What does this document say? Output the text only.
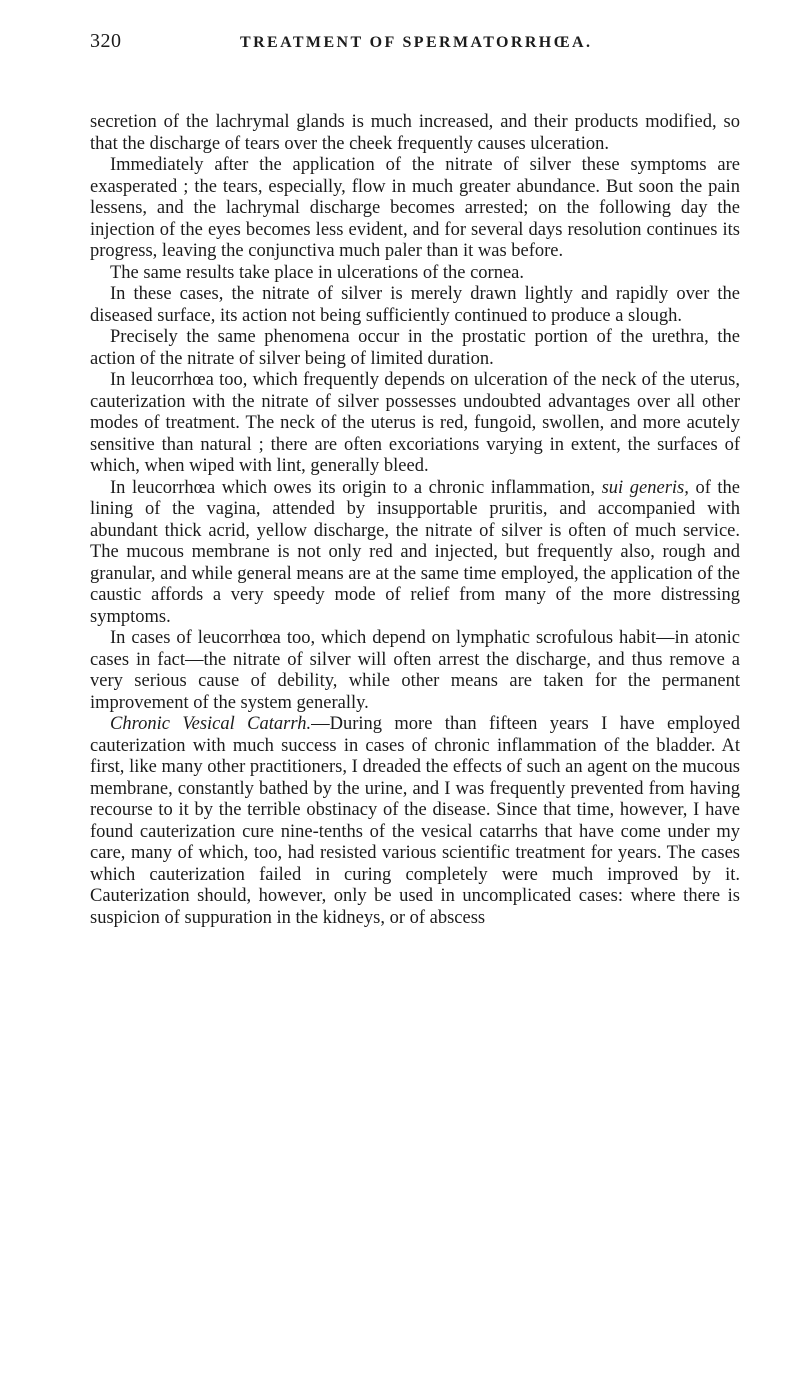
320	TREATMENT OF SPERMATORRHŒA.

secretion of the lachrymal glands is much increased, and their products modified, so that the discharge of tears over the cheek frequently causes ulceration.

Immediately after the application of the nitrate of silver these symptoms are exasperated ; the tears, especially, flow in much greater abundance. But soon the pain lessens, and the lachrymal discharge becomes arrested; on the following day the injection of the eyes becomes less evident, and for several days resolution continues its progress, leaving the conjunctiva much paler than it was before.

The same results take place in ulcerations of the cornea.

In these cases, the nitrate of silver is merely drawn lightly and rapidly over the diseased surface, its action not being sufficiently continued to produce a slough.

Precisely the same phenomena occur in the prostatic portion of the urethra, the action of the nitrate of silver being of limited duration.

In leucorrhœa too, which frequently depends on ulceration of the neck of the uterus, cauterization with the nitrate of silver possesses undoubted advantages over all other modes of treatment. The neck of the uterus is red, fungoid, swollen, and more acutely sensitive than natural ; there are often excoriations varying in extent, the surfaces of which, when wiped with lint, generally bleed.

In leucorrhœa which owes its origin to a chronic inflammation, sui generis, of the lining of the vagina, attended by insupportable pruritis, and accompanied with abundant thick acrid, yellow discharge, the nitrate of silver is often of much service. The mucous membrane is not only red and injected, but frequently also, rough and granular, and while general means are at the same time employed, the application of the caustic affords a very speedy mode of relief from many of the more distressing symptoms.

In cases of leucorrhœa too, which depend on lymphatic scrofulous habit—in atonic cases in fact—the nitrate of silver will often arrest the discharge, and thus remove a very serious cause of debility, while other means are taken for the permanent improvement of the system generally.

Chronic Vesical Catarrh.—During more than fifteen years I have employed cauterization with much success in cases of chronic inflammation of the bladder. At first, like many other practitioners, I dreaded the effects of such an agent on the mucous membrane, constantly bathed by the urine, and I was frequently prevented from having recourse to it by the terrible obstinacy of the disease. Since that time, however, I have found cauterization cure nine-tenths of the vesical catarrhs that have come under my care, many of which, too, had resisted various scientific treatment for years. The cases which cauterization failed in curing completely were much improved by it. Cauterization should, however, only be used in uncomplicated cases: where there is suspicion of suppuration in the kidneys, or of abscess
